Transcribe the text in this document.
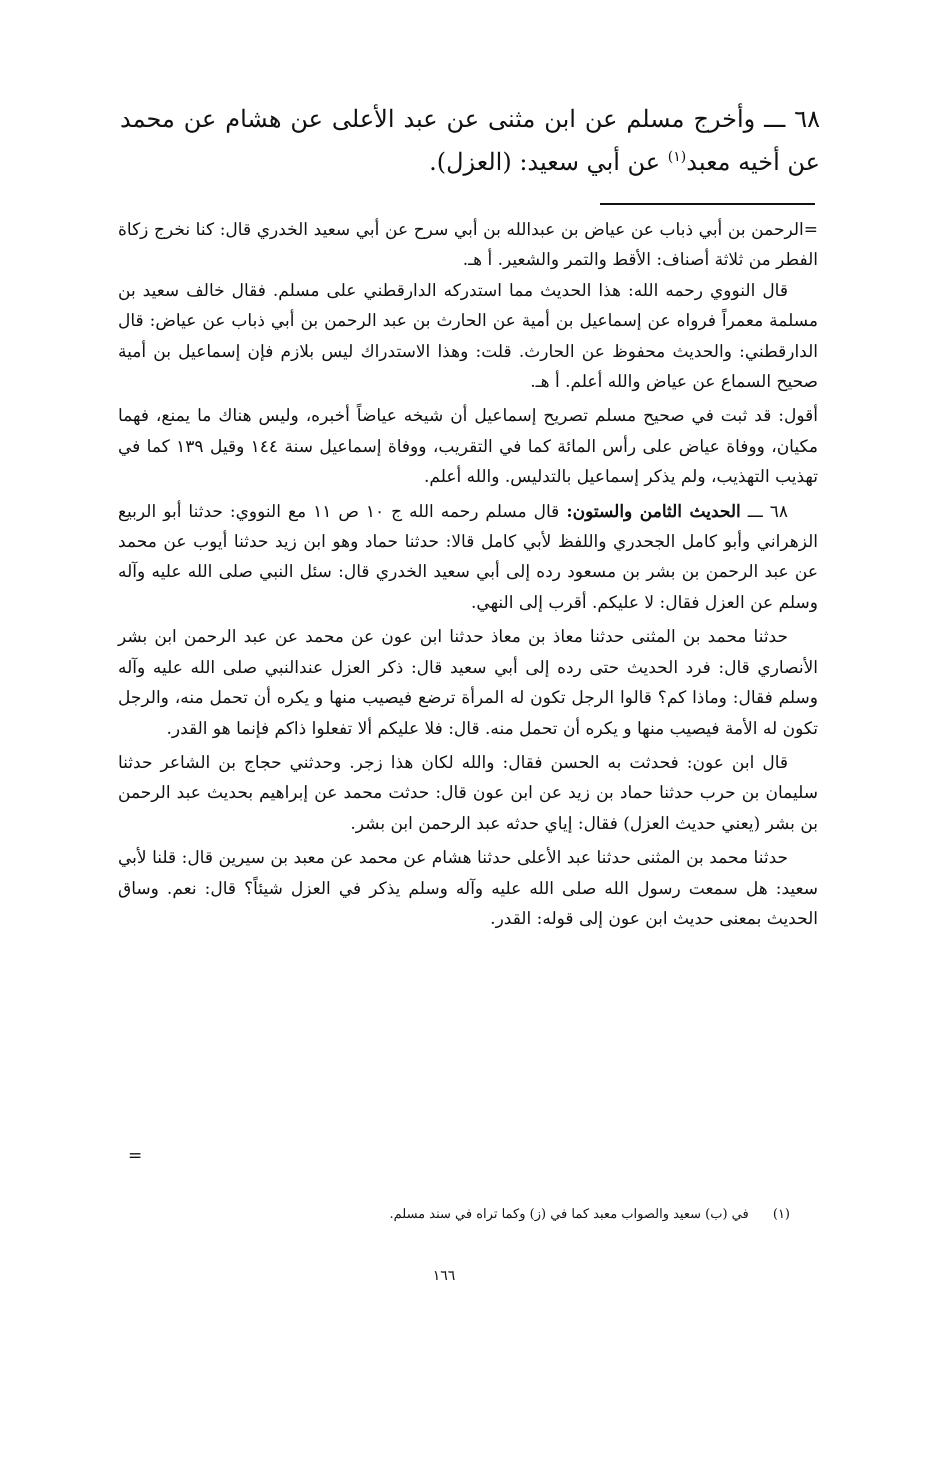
٦٨ ـــ وأخرج مسلم عن ابن مثنى عن عبد الأعلى عن هشام عن محمد عن أخيه معبد$^{(١)}$ عن أبي سعيد: (العزل).

=الرحمن بن أبي ذباب عن عياض بن عبدالله بن أبي سرح عن أبي سعيد الخدري قال: كنا نخرج زكاة الفطر من ثلاثة أصناف: الأقط والتمر والشعير. أ هـ.

قال النووي رحمه الله: هذا الحديث مما استدركه الدارقطني على مسلم. فقال خالف سعيد بن مسلمة معمراً فرواه عن إسماعيل بن أمية عن الحارث بن عبد الرحمن بن أبي ذباب عن عياض: قال الدارقطني: والحديث محفوظ عن الحارث. قلت: وهذا الاستدراك ليس بلازم فإن إسماعيل بن أمية صحيح السماع عن عياض والله أعلم. أ هـ.

أقول: قد ثبت في صحيح مسلم تصريح إسماعيل أن شيخه عياضاً أخبره، وليس هناك ما يمنع، فهما مكيان، ووفاة عياض على رأس المائة كما في التقريب، ووفاة إسماعيل سنة ١٤٤ وقيل ١٣٩ كما في تهذيب التهذيب، ولم يذكر إسماعيل بالتدليس. والله أعلم.

٦٨ ـــ الحديث الثامن والستون: قال مسلم رحمه الله ج ١٠ ص ١١ مع النووي: حدثنا أبو الربيع الزهراني وأبو كامل الجحدري واللفظ لأبي كامل قالا: حدثنا حماد وهو ابن زيد حدثنا أيوب عن محمد عن عبد الرحمن بن بشر بن مسعود رده إلى أبي سعيد الخدري قال: سئل النبي صلى الله عليه وآله وسلم عن العزل فقال: لا عليكم. أقرب إلى النهي.

حدثنا محمد بن المثنى حدثنا معاذ بن معاذ حدثنا ابن عون عن محمد عن عبد الرحمن ابن بشر الأنصاري قال: فرد الحديث حتى رده إلى أبي سعيد قال: ذكر العزل عندالنبي صلى الله عليه وآله وسلم فقال: وماذا كم؟ قالوا الرجل تكون له المرأة ترضع فيصيب منها و يكره أن تحمل منه، والرجل تكون له الأمة فيصيب منها و يكره أن تحمل منه. قال: فلا عليكم ألا تفعلوا ذاكم فإنما هو القدر.

قال ابن عون: فحدثت به الحسن فقال: والله لكان هذا زجر. وحدثني حجاج بن الشاعر حدثنا سليمان بن حرب حدثنا حماد بن زيد عن ابن عون قال: حدثت محمد عن إبراهيم بحديث عبد الرحمن بن بشر (يعني حديث العزل) فقال: إياي حدثه عبد الرحمن ابن بشر.

حدثنا محمد بن المثنى حدثنا عبد الأعلى حدثنا هشام عن محمد عن معبد بن سيرين قال: قلنا لأبي سعيد: هل سمعت رسول الله صلى الله عليه وآله وسلم يذكر في العزل شيئاً؟ قال: نعم. وساق الحديث بمعنى حديث ابن عون إلى قوله: القدر.

=
(١) في (ب) سعيد والصواب معبد كما في (ز) وكما تراه في سند مسلم.
١٦٦
